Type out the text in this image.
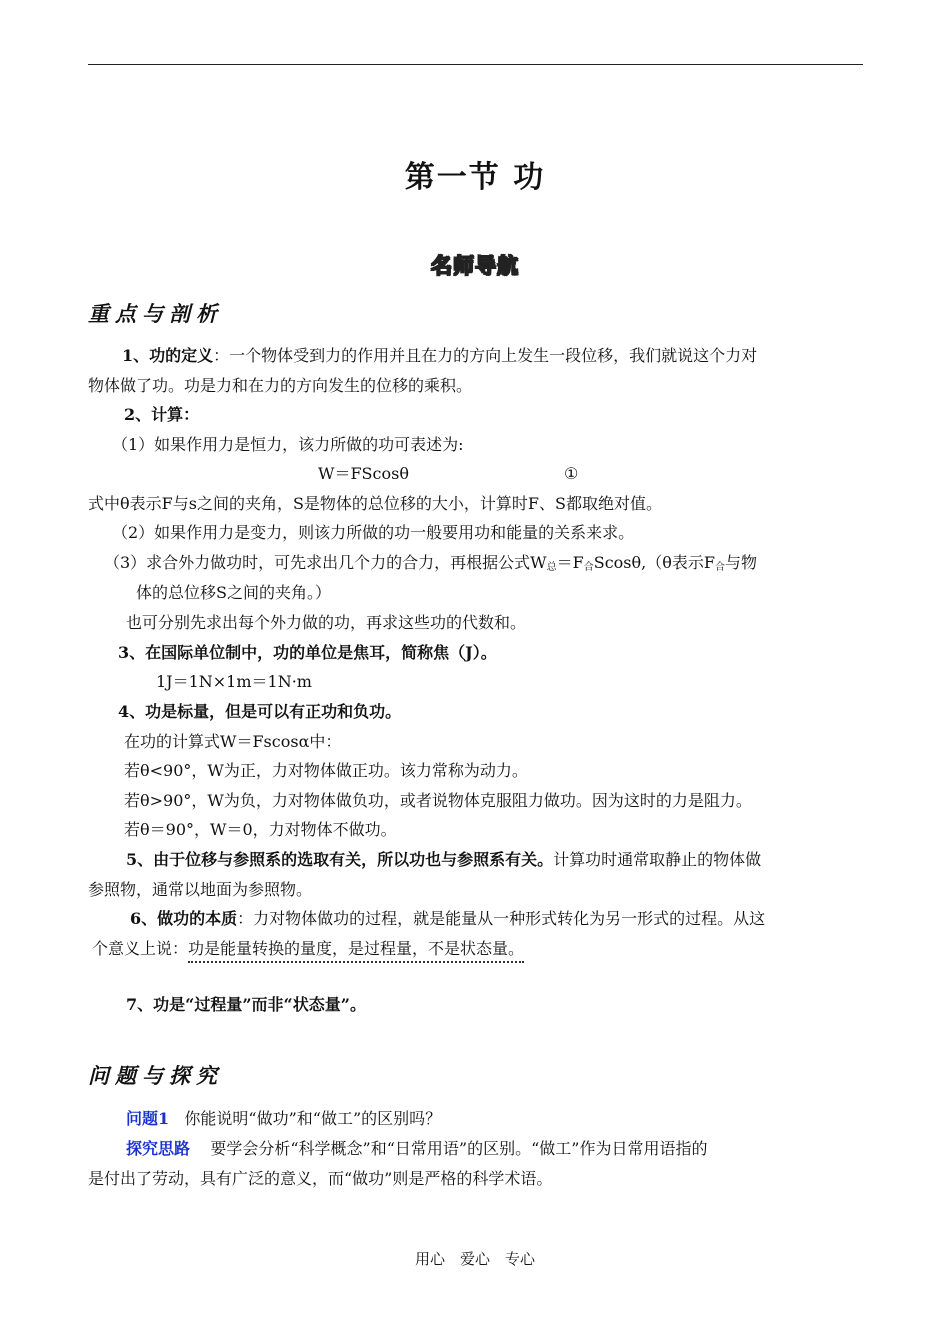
第一节 功
名师导航
重点与剖析
1、功的定义：一个物体受到力的作用并且在力的方向上发生一段位移，我们就说这个力对
物体做了功。功是力和在力的方向发生的位移的乘积。
2、计算：
（1）如果作用力是恒力，该力所做的功可表述为:
W＝FScosθ	①
式中θ表示F与s之间的夹角，S是物体的总位移的大小，计算时F、S都取绝对值。
（2）如果作用力是变力，则该力所做的功一般要用功和能量的关系来求。
（3）求合外力做功时，可先求出几个力的合力，再根据公式$W_总=F_合Scos\theta,(\theta$表示$F_合$与物
体的总位移S之间的夹角。）
也可分别先求出每个外力做的功，再求这些功的代数和。
3、在国际单位制中，功的单位是焦耳，简称焦（J）。
1J＝1N×1m＝1N·m
4、功是标量，但是可以有正功和负功。
在功的计算式W＝Fscosα中：
若θ<90°，W为正，力对物体做正功。该力常称为动力。
若θ>90°，W为负，力对物体做负功，或者说物体克服阻力做功。因为这时的力是阻力。
若θ＝90°，W＝0，力对物体不做功。
5、由于位移与参照系的选取有关，所以功也与参照系有关。计算功时通常取静止的物体做
参照物，通常以地面为参照物。
6、做功的本质：力对物体做功的过程，就是能量从一种形式转化为另一形式的过程。从这
个意义上说：功是能量转换的量度，是过程量，不是状态量。
7、功是“过程量”而非“状态量”。
问题与探究
问题1 你能说明“做功”和“做工”的区别吗？
探究思路 要学会分析“科学概念”和“日常用语”的区别。“做工”作为日常用语指的
是付出了劳动，具有广泛的意义，而“做功”则是严格的科学术语。
用心　爱心　专心
